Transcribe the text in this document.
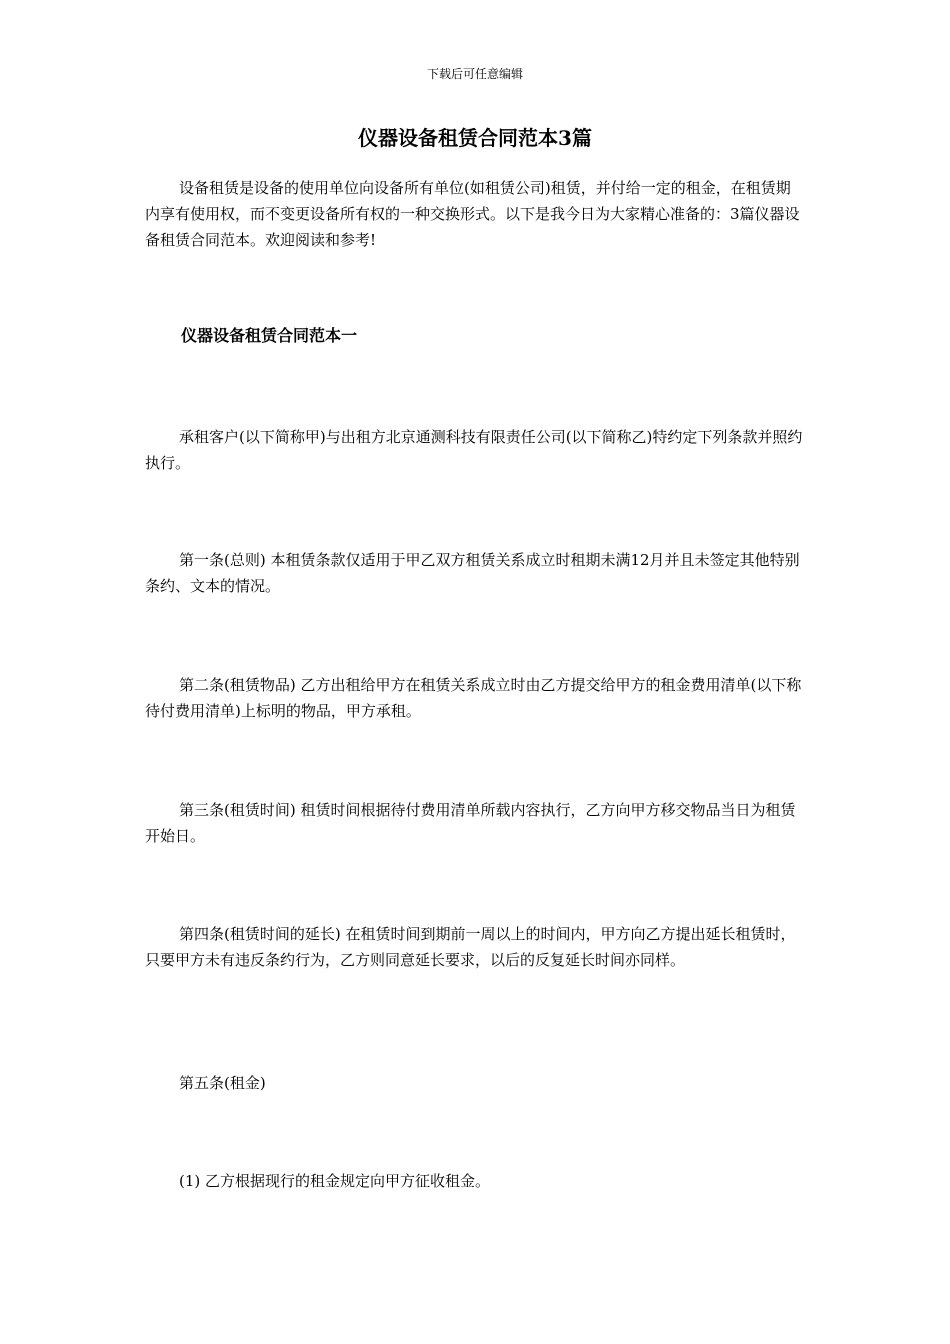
下载后可任意编辑
仪器设备租赁合同范本3篇

设备租赁是设备的使用单位向设备所有单位(如租赁公司)租赁，并付给一定的租金，在租赁期内享有使用权，而不变更设备所有权的一种交换形式。以下是我今日为大家精心准备的：3篇仪器设备租赁合同范本。欢迎阅读和参考!

仪器设备租赁合同范本一

承租客户(以下简称甲)与出租方北京通测科技有限责任公司(以下简称乙)特约定下列条款并照约执行。

第一条(总则) 本租赁条款仅适用于甲乙双方租赁关系成立时租期未满12月并且未签定其他特别条约、文本的情况。

第二条(租赁物品) 乙方出租给甲方在租赁关系成立时由乙方提交给甲方的租金费用清单(以下称待付费用清单)上标明的物品，甲方承租。

第三条(租赁时间) 租赁时间根据待付费用清单所载内容执行，乙方向甲方移交物品当日为租赁开始日。

第四条(租赁时间的延长) 在租赁时间到期前一周以上的时间内，甲方向乙方提出延长租赁时，只要甲方未有违反条约行为，乙方则同意延长要求，以后的反复延长时间亦同样。

第五条(租金)

(1) 乙方根据现行的租金规定向甲方征收租金。
